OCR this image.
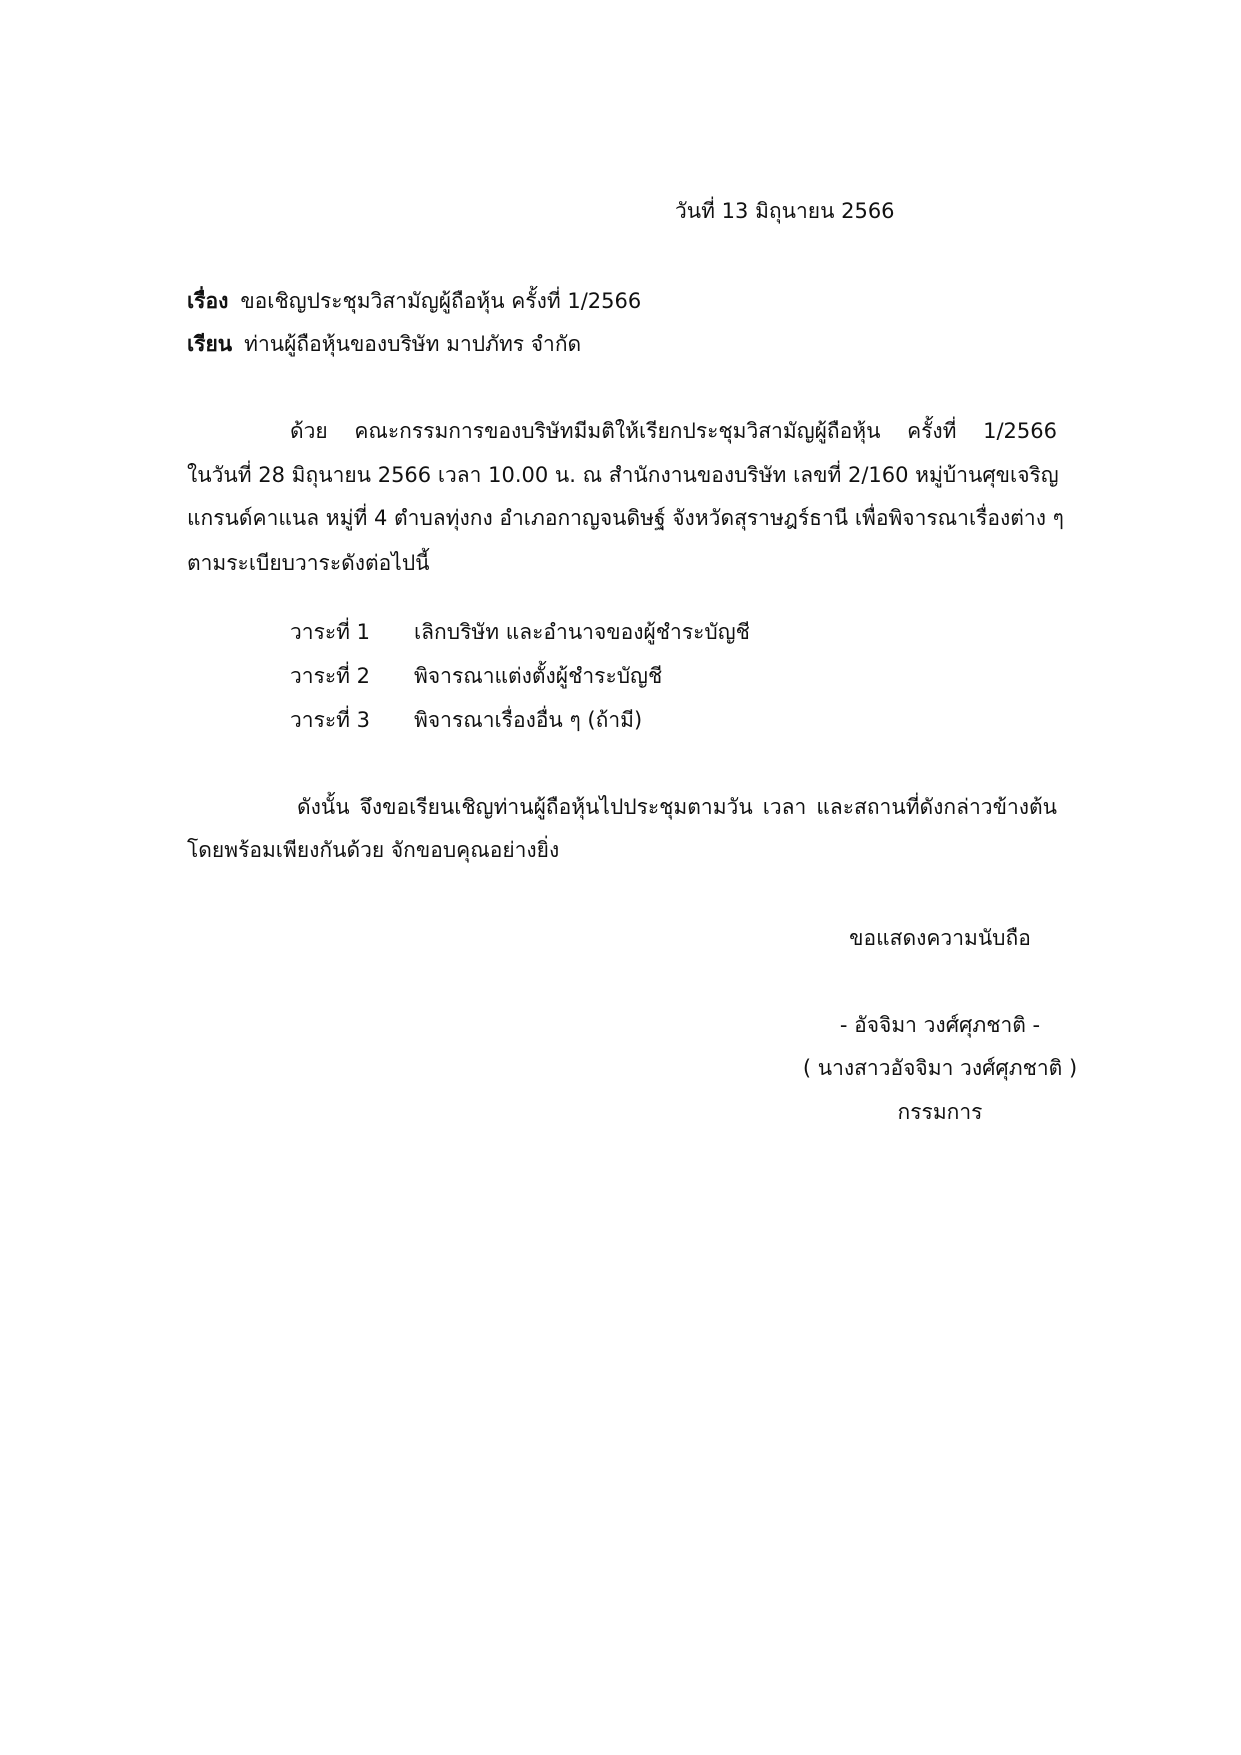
วันที่ 13 มิถุนายน 2566
เรื่อง ขอเชิญประชุมวิสามัญผู้ถือหุ้น ครั้งที่ 1/2566
เรียน ท่านผู้ถือหุ้นของบริษัท มาปภัทร จำกัด
ด้วย คณะกรรมการของบริษัทมีมติให้เรียกประชุมวิสามัญผู้ถือหุ้น ครั้งที่ 1/2566
ในวันที่ 28 มิถุนายน 2566 เวลา 10.00 น. ณ สำนักงานของบริษัท เลขที่ 2/160 หมู่บ้านศุขเจริญ
แกรนด์คาแนล หมู่ที่ 4 ตำบลทุ่งกง อำเภอกาญจนดิษฐ์ จังหวัดสุราษฎร์ธานี เพื่อพิจารณาเรื่องต่าง ๆ
ตามระเบียบวาระดังต่อไปนี้
วาระที่ 1 เลิกบริษัท และอำนาจของผู้ชำระบัญชี
วาระที่ 2 พิจารณาแต่งตั้งผู้ชำระบัญชี
วาระที่ 3 พิจารณาเรื่องอื่น ๆ (ถ้ามี)
ดังนั้น จึงขอเรียนเชิญท่านผู้ถือหุ้นไปประชุมตามวัน เวลา และสถานที่ดังกล่าวข้างต้น
โดยพร้อมเพียงกันด้วย จักขอบคุณอย่างยิ่ง
ขอแสดงความนับถือ
- อัจจิมา วงศ์ศุภชาติ -
( นางสาวอัจจิมา วงศ์ศุภชาติ )
กรรมการ
